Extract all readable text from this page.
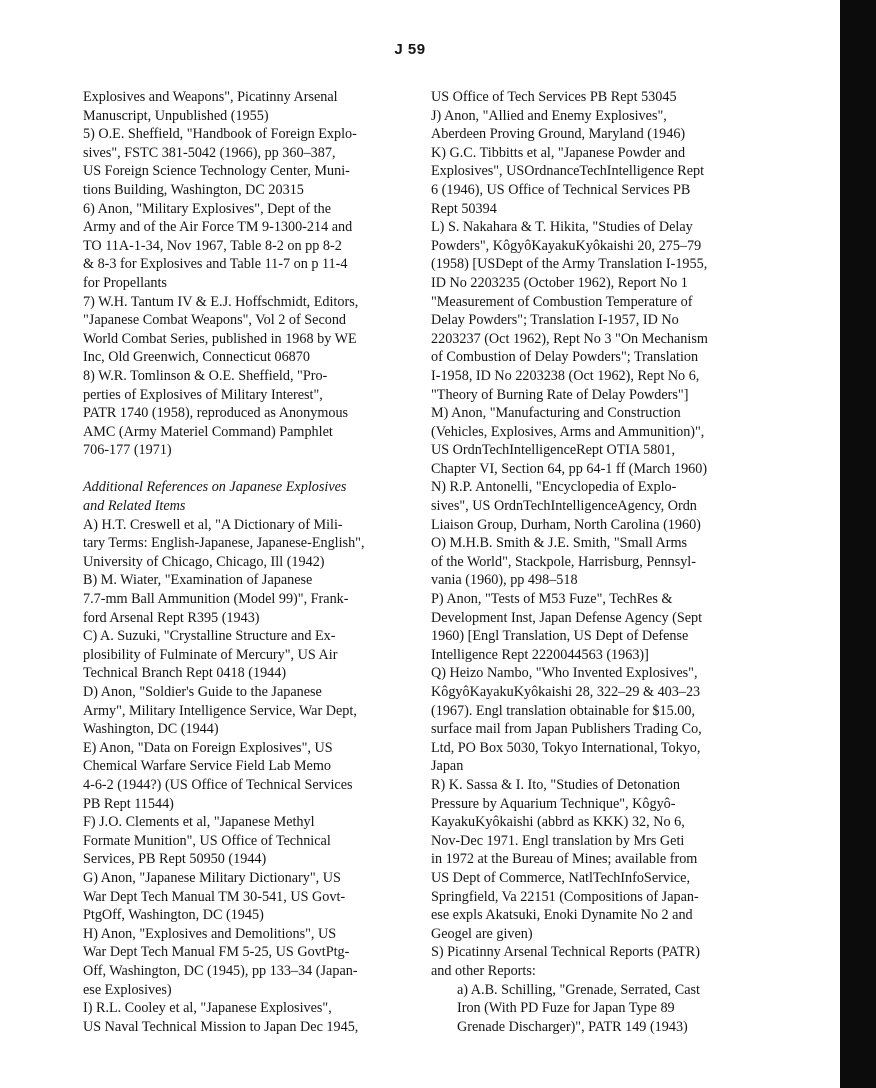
J 59
Explosives and Weapons", Picatinny Arsenal
Manuscript, Unpublished (1955)
5) O.E. Sheffield, "Handbook of Foreign Explo-
sives", FSTC 381-5042 (1966), pp 360–387,
US Foreign Science Technology Center, Muni-
tions Building, Washington, DC 20315
6) Anon, "Military Explosives", Dept of the
Army and of the Air Force TM 9-1300-214 and
TO 11A-1-34, Nov 1967, Table 8-2 on pp 8-2
& 8-3 for Explosives and Table 11-7 on p 11-4
for Propellants
7) W.H. Tantum IV & E.J. Hoffschmidt, Editors,
"Japanese Combat Weapons", Vol 2 of Second
World Combat Series, published in 1968 by WE
Inc, Old Greenwich, Connecticut 06870
8) W.R. Tomlinson & O.E. Sheffield, "Pro-
perties of Explosives of Military Interest",
PATR 1740 (1958), reproduced as Anonymous
AMC (Army Materiel Command) Pamphlet
706-177 (1971)
Additional References on Japanese Explosives
and Related Items
A) H.T. Creswell et al, "A Dictionary of Mili-
tary Terms: English-Japanese, Japanese-English",
University of Chicago, Chicago, Ill (1942)
B) M. Wiater, "Examination of Japanese
7.7-mm Ball Ammunition (Model 99)", Frank-
ford Arsenal Rept R395 (1943)
C) A. Suzuki, "Crystalline Structure and Ex-
plosibility of Fulminate of Mercury", US Air
Technical Branch Rept 0418 (1944)
D) Anon, "Soldier's Guide to the Japanese
Army", Military Intelligence Service, War Dept,
Washington, DC (1944)
E) Anon, "Data on Foreign Explosives", US
Chemical Warfare Service Field Lab Memo
4-6-2 (1944?) (US Office of Technical Services
PB Rept 11544)
F) J.O. Clements et al, "Japanese Methyl
Formate Munition", US Office of Technical
Services, PB Rept 50950 (1944)
G) Anon, "Japanese Military Dictionary", US
War Dept Tech Manual TM 30-541, US Govt-
PtgOff, Washington, DC (1945)
H) Anon, "Explosives and Demolitions", US
War Dept Tech Manual FM 5-25, US GovtPtg-
Off, Washington, DC (1945), pp 133–34 (Japan-
ese Explosives)
I) R.L. Cooley et al, "Japanese Explosives",
US Naval Technical Mission to Japan Dec 1945,
US Office of Tech Services PB Rept 53045
J) Anon, "Allied and Enemy Explosives",
Aberdeen Proving Ground, Maryland (1946)
K) G.C. Tibbitts et al, "Japanese Powder and
Explosives", USOrdnanceTechIntelligence Rept
6 (1946), US Office of Technical Services PB
Rept 50394
L) S. Nakahara & T. Hikita, "Studies of Delay
Powders", KôgyôKayakuKyôkaishi 20, 275–79
(1958) [USDept of the Army Translation I-1955,
ID No 2203235 (October 1962), Report No 1
"Measurement of Combustion Temperature of
Delay Powders"; Translation I-1957, ID No
2203237 (Oct 1962), Rept No 3 "On Mechanism
of Combustion of Delay Powders"; Translation
I-1958, ID No 2203238 (Oct 1962), Rept No 6,
"Theory of Burning Rate of Delay Powders"]
M) Anon, "Manufacturing and Construction
(Vehicles, Explosives, Arms and Ammunition)",
US OrdnTechIntelligenceRept OTIA 5801,
Chapter VI, Section 64, pp 64-1 ff (March 1960)
N) R.P. Antonelli, "Encyclopedia of Explo-
sives", US OrdnTechIntelligenceAgency, Ordn
Liaison Group, Durham, North Carolina (1960)
O) M.H.B. Smith & J.E. Smith, "Small Arms
of the World", Stackpole, Harrisburg, Pennsyl-
vania (1960), pp 498–518
P) Anon, "Tests of M53 Fuze", TechRes &
Development Inst, Japan Defense Agency (Sept
1960) [Engl Translation, US Dept of Defense
Intelligence Rept 2220044563 (1963)]
Q) Heizo Nambo, "Who Invented Explosives",
KôgyôKayakuKyôkaishi 28, 322–29 & 403–23
(1967). Engl translation obtainable for $15.00,
surface mail from Japan Publishers Trading Co,
Ltd, PO Box 5030, Tokyo International, Tokyo,
Japan
R) K. Sassa & I. Ito, "Studies of Detonation
Pressure by Aquarium Technique", Kôgyô-
KayakuKyôkaishi (abbrd as KKK) 32, No 6,
Nov-Dec 1971. Engl translation by Mrs Geti
in 1972 at the Bureau of Mines; available from
US Dept of Commerce, NatlTechInfoService,
Springfield, Va 22151 (Compositions of Japan-
ese expls Akatsuki, Enoki Dynamite No 2 and
Geogel are given)
S) Picatinny Arsenal Technical Reports (PATR)
and other Reports:
a) A.B. Schilling, "Grenade, Serrated, Cast
Iron (With PD Fuze for Japan Type 89
Grenade Discharger)", PATR 149 (1943)
